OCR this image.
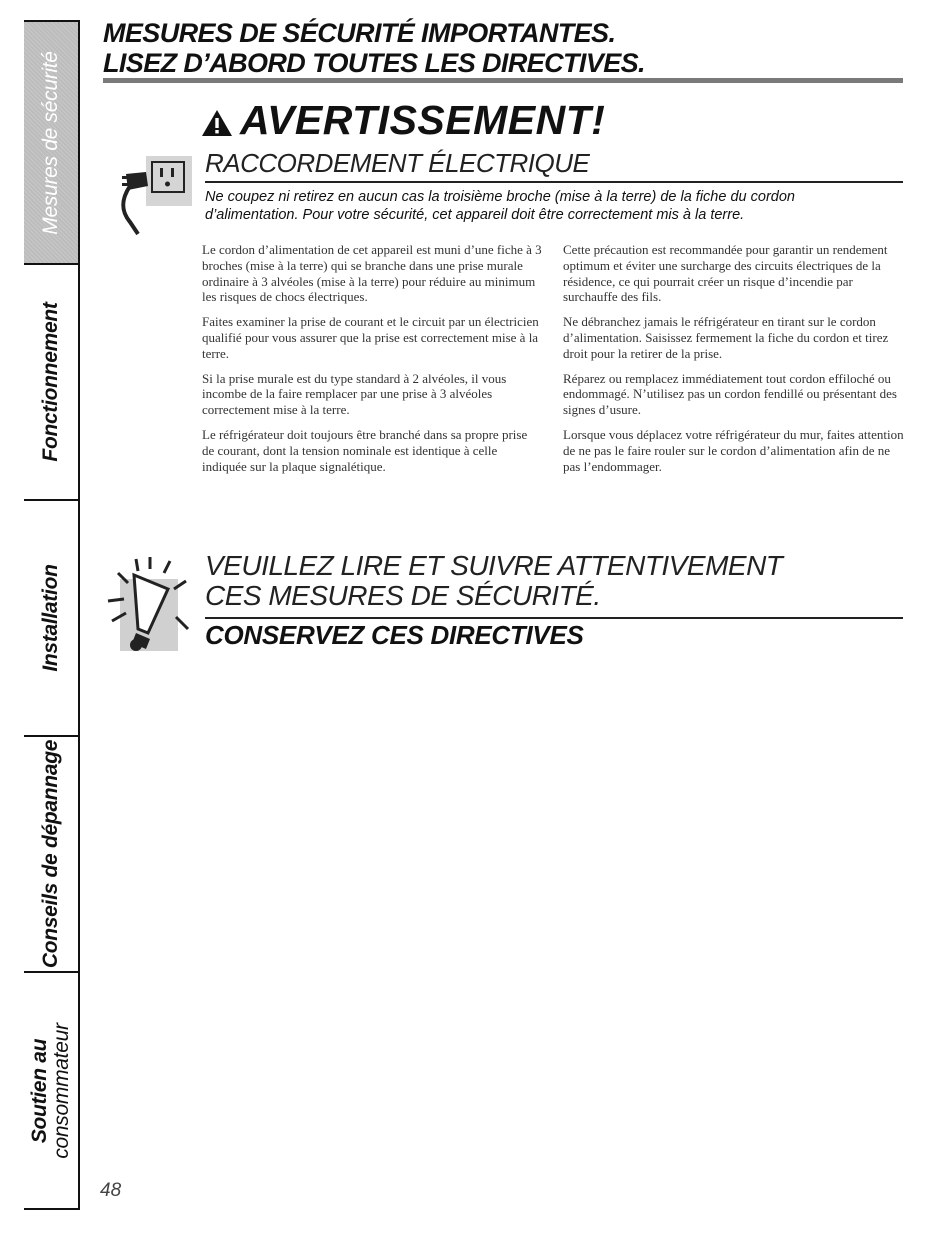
Mesures de sécurité
Fonctionnement
Installation
Conseils de dépannage
Soutien au
consommateur
MESURES DE SÉCURITÉ IMPORTANTES.
LISEZ D’ABORD TOUTES LES DIRECTIVES.
AVERTISSEMENT!
RACCORDEMENT ÉLECTRIQUE

Ne coupez ni retirez en aucun cas la troisième broche (mise à la terre) de la fiche du cordon d’alimentation. Pour votre sécurité, cet appareil doit être correctement mis à la terre.

Le cordon d’alimentation de cet appareil est muni d’une fiche à 3 broches (mise à la terre) qui se branche dans une prise murale ordinaire à 3 alvéoles (mise à la terre) pour réduire au minimum les risques de chocs électriques.

Faites examiner la prise de courant et le circuit par un électricien qualifié pour vous assurer que la prise est correctement mise à la terre.

Si la prise murale est du type standard à 2 alvéoles, il vous incombe de la faire remplacer par une prise à 3 alvéoles correctement mise à la terre.

Le réfrigérateur doit toujours être branché dans sa propre prise de courant, dont la tension nominale est identique à celle indiquée sur la plaque signalétique.

Cette précaution est recommandée pour garantir un rendement optimum et éviter une surcharge des circuits électriques de la résidence, ce qui pourrait créer un risque d’incendie par surchauffe des fils.

Ne débranchez jamais le réfrigérateur en tirant sur le cordon d’alimentation. Saisissez fermement la fiche du cordon et tirez droit pour la retirer de la prise.

Réparez ou remplacez immédiatement tout cordon effiloché ou endommagé. N’utilisez pas un cordon fendillé ou présentant des signes d’usure.

Lorsque vous déplacez votre réfrigérateur du mur, faites attention de ne pas le faire rouler sur le cordon d’alimentation afin de ne pas l’endommager.

VEUILLEZ LIRE ET SUIVRE ATTENTIVEMENT
CES MESURES DE SÉCURITÉ.
CONSERVEZ CES DIRECTIVES
48
